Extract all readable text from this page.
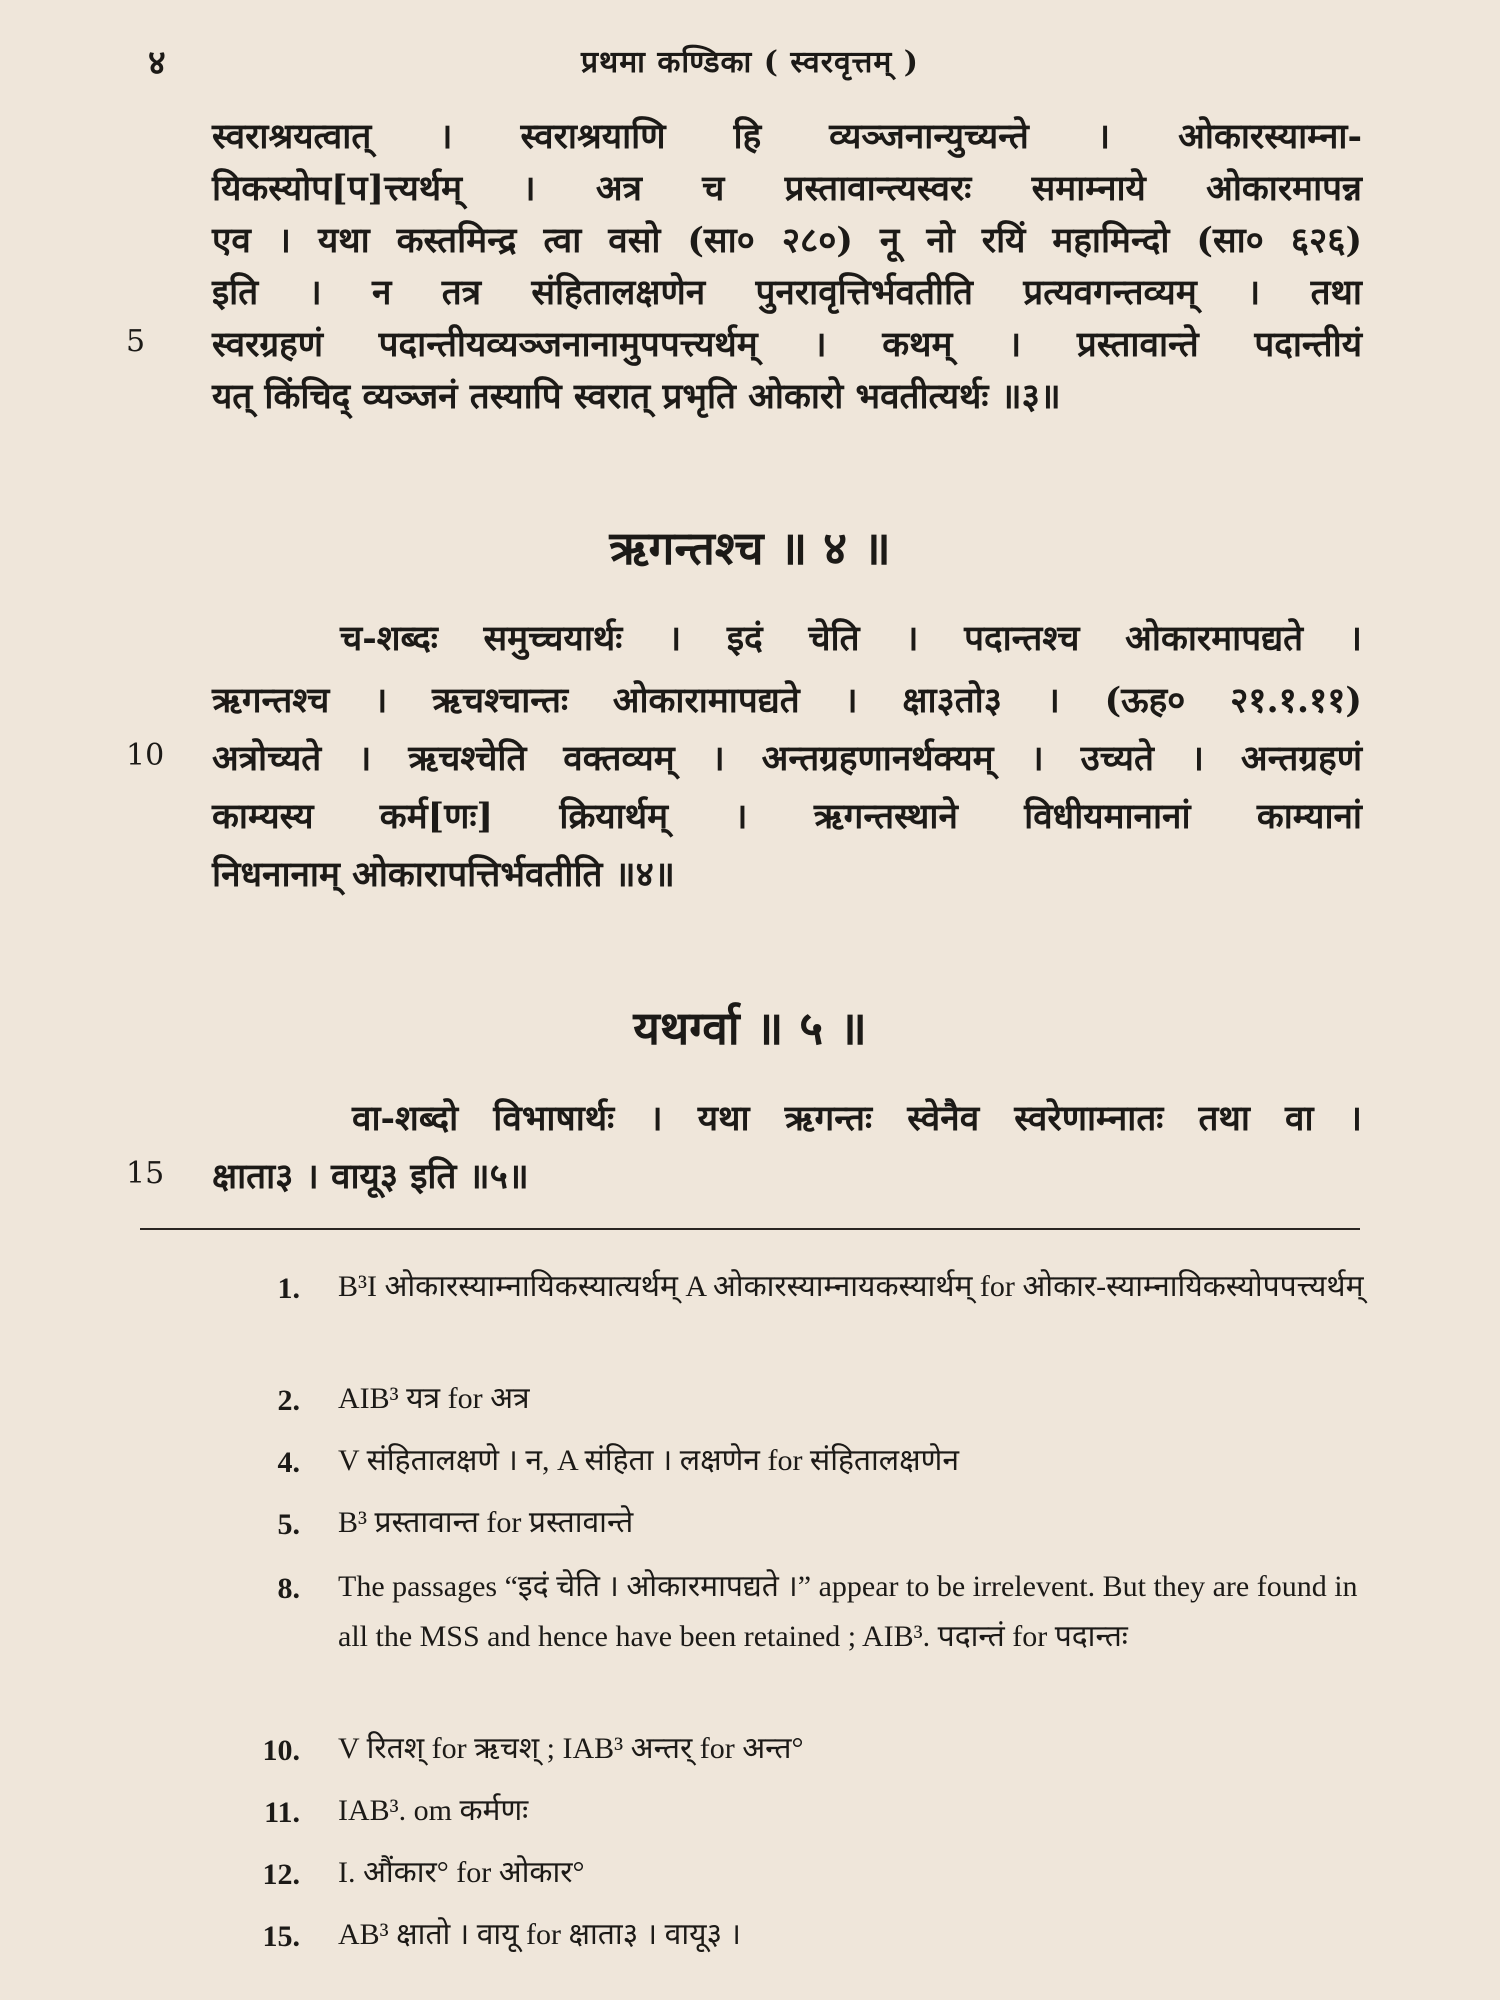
४	प्रथमा कण्डिका ( स्वरवृत्तम् )
स्वराश्रयत्वात् । स्वराश्रयाणि हि व्यञ्जनान्युच्यन्ते । ओकारस्याम्ना-
यिकस्योप[प]त्त्यर्थम् । अत्र च प्रस्तावान्त्यस्वरः समाम्नाये ओकारमापन्न
एव । यथा कस्तमिन्द्र त्वा वसो (सा० २८०) नू नो रयिं महामिन्दो (सा० ६२६)
इति । न तत्र संहितालक्षणेन पुनरावृत्तिर्भवतीति प्रत्यवगन्तव्यम् । तथा
5 स्वरग्रहणं पदान्तीयव्यञ्जनानामुपपत्त्यर्थम् । कथम् । प्रस्तावान्ते पदान्तीयं
यत् किंचिद् व्यञ्जनं तस्यापि स्वरात् प्रभृति ओकारो भवतीत्यर्थः ॥३॥
ऋगन्तश्च ॥ ४ ॥
च-शब्दः समुच्चयार्थः । इदं चेति । पदान्तश्च ओकारमापद्यते ।
ऋगन्तश्च । ऋचश्चान्तः ओकारामापद्यते । क्षा३तो३ । (ऊह० २१.१.११)
10 अत्रोच्यते । ऋचश्चेति वक्तव्यम् । अन्तग्रहणानर्थक्यम् । उच्यते । अन्तग्रहणं
काम्यस्य कर्म[णः] क्रियार्थम् । ऋगन्तस्थाने विधीयमानानां काम्यानां
निधनानाम् ओकारापत्तिर्भवतीति ॥४॥
यथर्ग्वा ॥ ५ ॥
वा-शब्दो विभाषार्थः । यथा ऋगन्तः स्वेनैव स्वरेणाम्नातः तथा वा ।
15 क्षाता३ । वायू३ इति ॥५॥
1. B³I ओकारस्याम्नायिकस्यात्यर्थम् A ओकारस्याम्नायकस्यार्थम् for ओकार-स्याम्नायिकस्योपपत्त्यर्थम्
2. AIB³ यत्र for अत्र
4. V संहितालक्षणे । न, A संहिता । लक्षणेन for संहितालक्षणेन
5. B³ प्रस्तावान्त for प्रस्तावान्ते
8. The passages “इदं चेति । ओकारमापद्यते ।” appear to be irrelevent. But they are found in all the MSS and hence have been retained ; AIB³. पदान्तं for पदान्तः
10. V रितश् for ऋचश् ; IAB³ अन्तर् for अन्त°
11. IAB³. om कर्मणः
12. I. औंकार° for ओकार°
15. AB³ क्षातो । वायू for क्षाता३ । वायू३ ।
